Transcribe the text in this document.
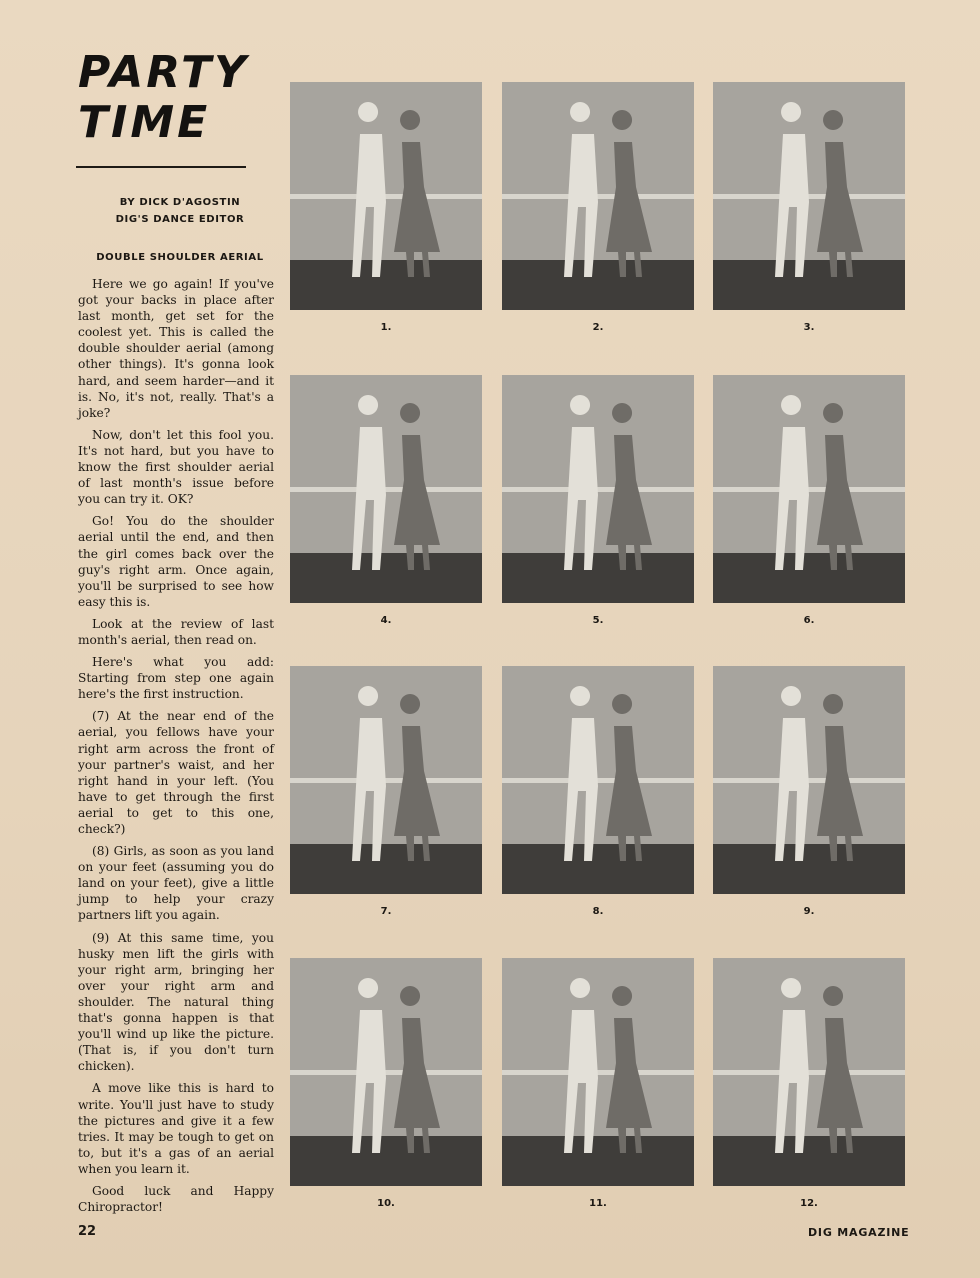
PARTY
TIME
BY DICK D'AGOSTIN
DIG'S DANCE EDITOR
DOUBLE SHOULDER AERIAL

Here we go again! If you've got your backs in place after last month, get set for the coolest yet. This is called the double shoulder aerial (among other things). It's gonna look hard, and seem harder—and it is. No, it's not, really. That's a joke?

Now, don't let this fool you. It's not hard, but you have to know the first shoulder aerial of last month's issue before you can try it. OK?

Go! You do the shoulder aerial until the end, and then the girl comes back over the guy's right arm. Once again, you'll be surprised to see how easy this is.

Look at the review of last month's aerial, then read on.

Here's what you add: Starting from step one again here's the first instruction.

(7) At the near end of the aerial, you fellows have your right arm across the front of your partner's waist, and her right hand in your left. (You have to get through the first aerial to get to this one, check?)

(8) Girls, as soon as you land on your feet (assuming you do land on your feet), give a little jump to help your crazy partners lift you again.

(9) At this same time, you husky men lift the girls with your right arm, bringing her over your right arm and shoulder. The natural thing that's gonna happen is that you'll wind up like the picture. (That is, if you don't turn chicken).

A move like this is hard to write. You'll just have to study the pictures and give it a few tries. It may be tough to get on to, but it's a gas of an aerial when you learn it.

Good luck and Happy Chiropractor!

1.	2.	3.
4.	5.	6.
7.	8.	9.
10.	11.	12.
22	DIG MAGAZINE
